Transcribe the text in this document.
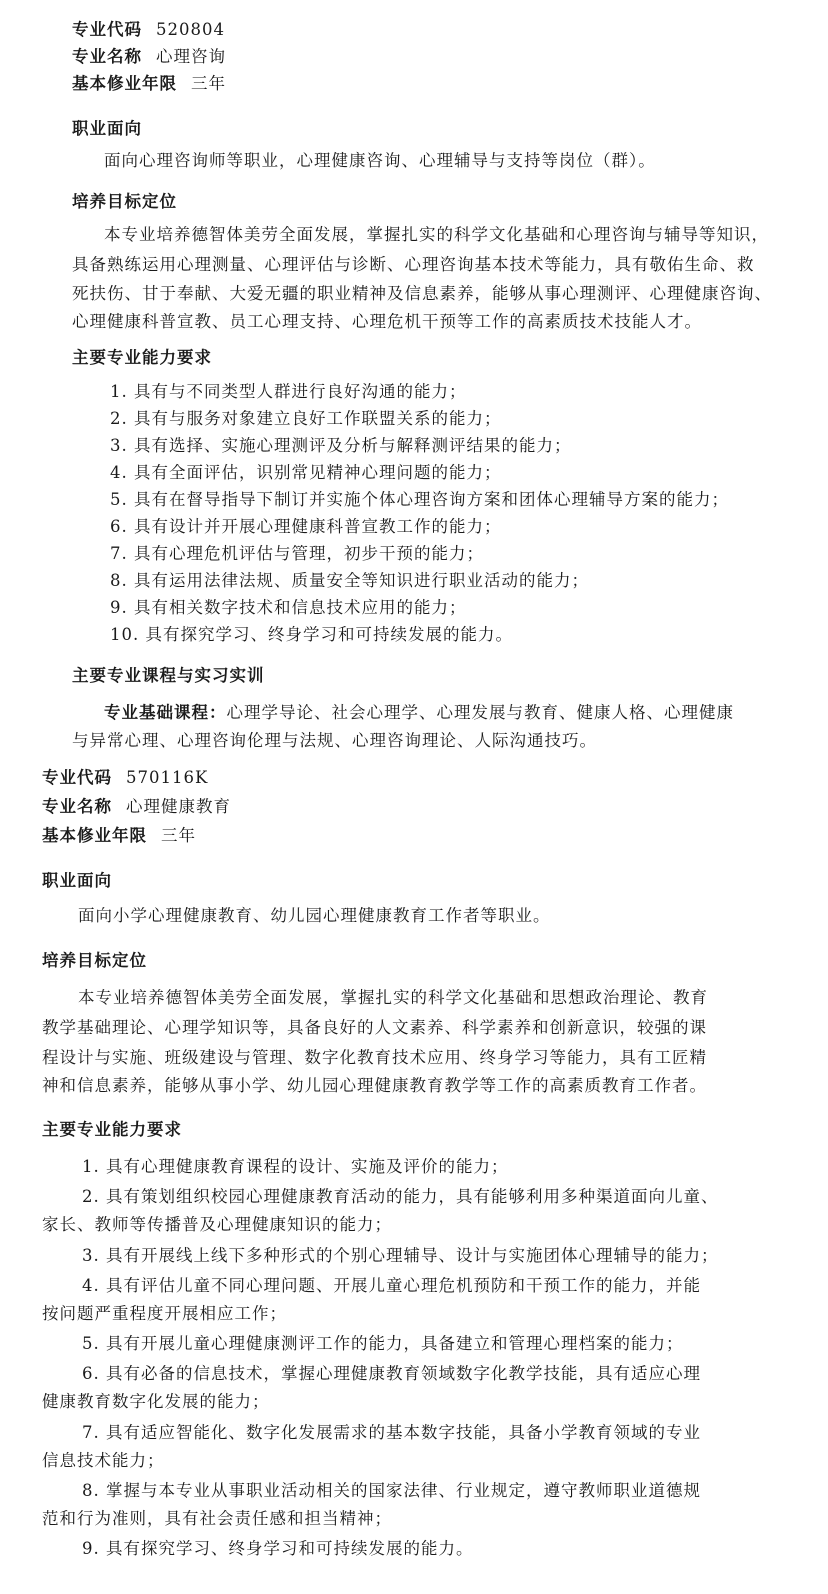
专业代码 520804
专业名称 心理咨询
基本修业年限 三年
职业面向
面向心理咨询师等职业，心理健康咨询、心理辅导与支持等岗位（群）。
培养目标定位
本专业培养德智体美劳全面发展，掌握扎实的科学文化基础和心理咨询与辅导等知识，
具备熟练运用心理测量、心理评估与诊断、心理咨询基本技术等能力，具有敬佑生命、救
死扶伤、甘于奉献、大爱无疆的职业精神及信息素养，能够从事心理测评、心理健康咨询、
心理健康科普宣教、员工心理支持、心理危机干预等工作的高素质技术技能人才。
主要专业能力要求
1. 具有与不同类型人群进行良好沟通的能力；
2. 具有与服务对象建立良好工作联盟关系的能力；
3. 具有选择、实施心理测评及分析与解释测评结果的能力；
4. 具有全面评估，识别常见精神心理问题的能力；
5. 具有在督导指导下制订并实施个体心理咨询方案和团体心理辅导方案的能力；
6. 具有设计并开展心理健康科普宣教工作的能力；
7. 具有心理危机评估与管理，初步干预的能力；
8. 具有运用法律法规、质量安全等知识进行职业活动的能力；
9. 具有相关数字技术和信息技术应用的能力；
10. 具有探究学习、终身学习和可持续发展的能力。
主要专业课程与实习实训
专业基础课程：心理学导论、社会心理学、心理发展与教育、健康人格、心理健康
与异常心理、心理咨询伦理与法规、心理咨询理论、人际沟通技巧。
专业代码 570116K
专业名称 心理健康教育
基本修业年限 三年
职业面向
面向小学心理健康教育、幼儿园心理健康教育工作者等职业。
培养目标定位
本专业培养德智体美劳全面发展，掌握扎实的科学文化基础和思想政治理论、教育
教学基础理论、心理学知识等，具备良好的人文素养、科学素养和创新意识，较强的课
程设计与实施、班级建设与管理、数字化教育技术应用、终身学习等能力，具有工匠精
神和信息素养，能够从事小学、幼儿园心理健康教育教学等工作的高素质教育工作者。
主要专业能力要求
1. 具有心理健康教育课程的设计、实施及评价的能力；
2. 具有策划组织校园心理健康教育活动的能力，具有能够利用多种渠道面向儿童、
家长、教师等传播普及心理健康知识的能力；
3. 具有开展线上线下多种形式的个别心理辅导、设计与实施团体心理辅导的能力；
4. 具有评估儿童不同心理问题、开展儿童心理危机预防和干预工作的能力，并能
按问题严重程度开展相应工作；
5. 具有开展儿童心理健康测评工作的能力，具备建立和管理心理档案的能力；
6. 具有必备的信息技术，掌握心理健康教育领域数字化教学技能，具有适应心理
健康教育数字化发展的能力；
7. 具有适应智能化、数字化发展需求的基本数字技能，具备小学教育领域的专业
信息技术能力；
8. 掌握与本专业从事职业活动相关的国家法律、行业规定，遵守教师职业道德规
范和行为准则，具有社会责任感和担当精神；
9. 具有探究学习、终身学习和可持续发展的能力。
